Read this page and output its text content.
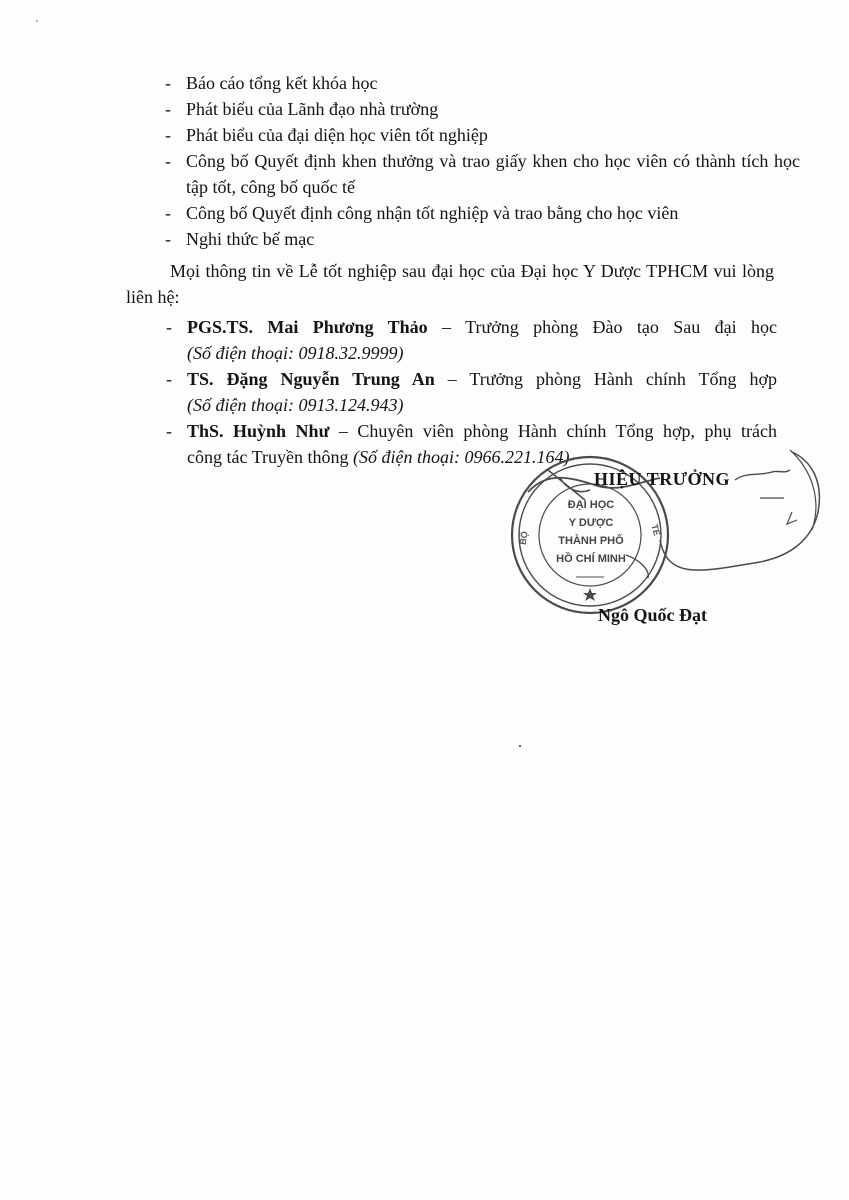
- Báo cáo tổng kết khóa học
- Phát biểu của Lãnh đạo nhà trường
- Phát biểu của đại diện học viên tốt nghiệp
- Công bố Quyết định khen thưởng và trao giấy khen cho học viên có thành tích học tập tốt, công bố quốc tế
- Công bố Quyết định công nhận tốt nghiệp và trao bằng cho học viên
- Nghi thức bế mạc

Mọi thông tin về Lễ tốt nghiệp sau đại học của Đại học Y Dược TPHCM vui lòng liên hệ:

- PGS.TS. Mai Phương Thảo – Trưởng phòng Đào tạo Sau đại học
(Số điện thoại: 0918.32.9999)
- TS. Đặng Nguyễn Trung An – Trưởng phòng Hành chính Tổng hợp
(Số điện thoại: 0913.124.943)
- ThS. Huỳnh Như – Chuyên viên phòng Hành chính Tổng hợp, phụ trách
công tác Truyền thông (Số điện thoại: 0966.221.164)
ĐẠI HỌC
Y DƯỢC
THÀNH PHỐ
HỒ CHÍ MINH
BỘ
TẾ
HIỆU TRƯỞNG
Ngô Quốc Đạt
